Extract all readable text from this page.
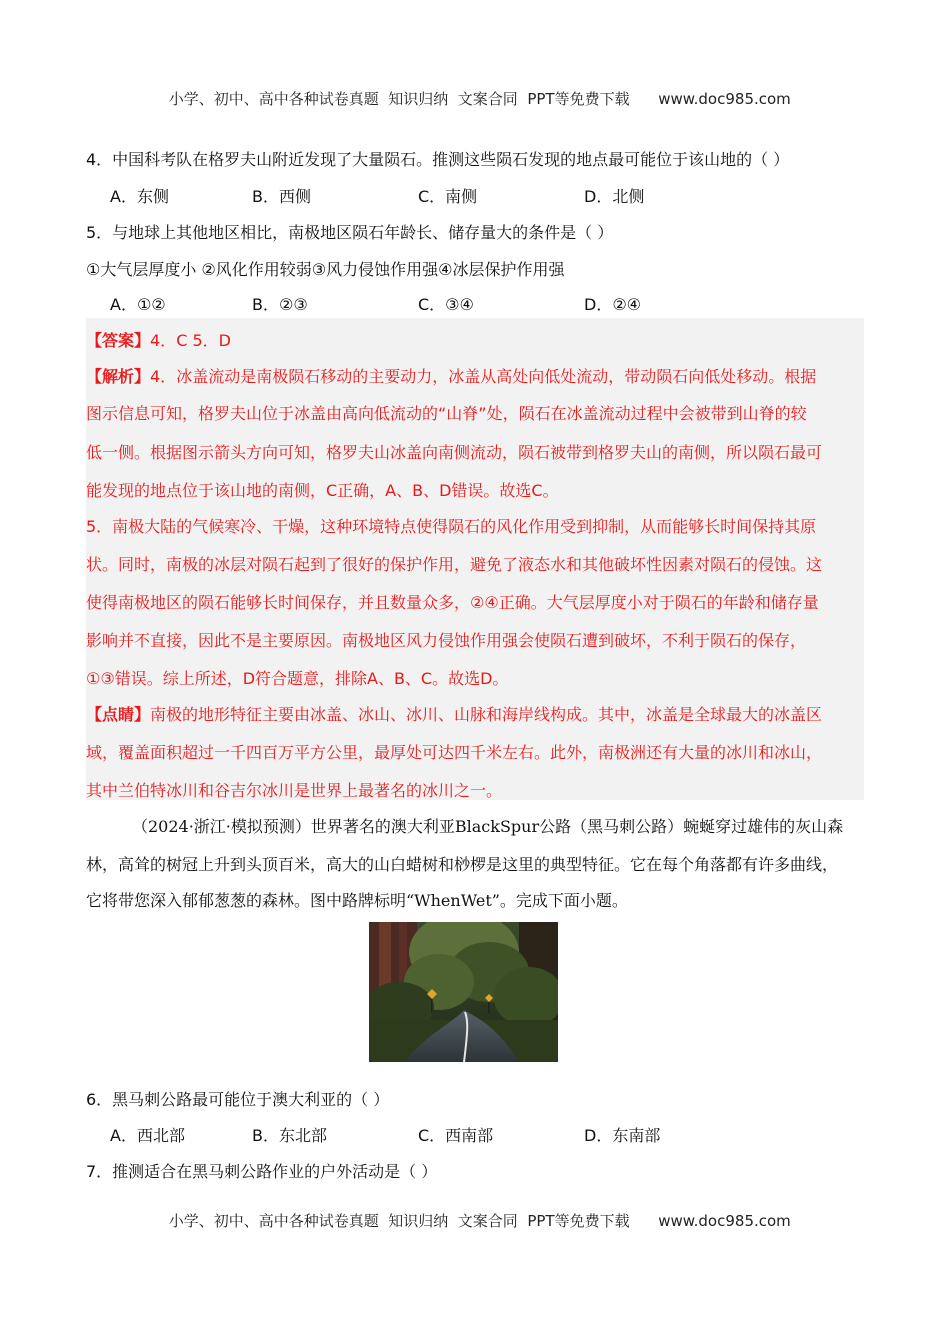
小学、初中、高中各种试卷真题  知识归纳  文案合同  PPT等免费下载 www.doc985.com

4．中国科考队在格罗夫山附近发现了大量陨石。推测这些陨石发现的地点最可能位于该山地的（ ）
A．东侧	B．西侧	C．南侧	D．北侧
5．与地球上其他地区相比，南极地区陨石年龄长、储存量大的条件是（ ）
①大气层厚度小 ②风化作用较弱③风力侵蚀作用强④冰层保护作用强
A．①②	B．②③	C．③④	D．②④
【答案】4．C 5．D
【解析】4．冰盖流动是南极陨石移动的主要动力，冰盖从高处向低处流动，带动陨石向低处移动。根据
图示信息可知，格罗夫山位于冰盖由高向低流动的“山脊”处，陨石在冰盖流动过程中会被带到山脊的较
低一侧。根据图示箭头方向可知，格罗夫山冰盖向南侧流动，陨石被带到格罗夫山的南侧，所以陨石最可
能发现的地点位于该山地的南侧，C正确，A、B、D错误。故选C。
5．南极大陆的气候寒冷、干燥，这种环境特点使得陨石的风化作用受到抑制，从而能够长时间保持其原
状。同时，南极的冰层对陨石起到了很好的保护作用，避免了液态水和其他破坏性因素对陨石的侵蚀。这
使得南极地区的陨石能够长时间保存，并且数量众多，②④正确。大气层厚度小对于陨石的年龄和储存量
影响并不直接，因此不是主要原因。南极地区风力侵蚀作用强会使陨石遭到破坏，不利于陨石的保存，
①③错误。综上所述，D符合题意，排除A、B、C。故选D。
【点睛】南极的地形特征主要由冰盖、冰山、冰川、山脉和海岸线构成。其中，冰盖是全球最大的冰盖区
域，覆盖面积超过一千四百万平方公里，最厚处可达四千米左右。此外，南极洲还有大量的冰川和冰山，
其中兰伯特冰川和谷吉尔冰川是世界上最著名的冰川之一。
（2024·浙江·模拟预测）世界著名的澳大利亚BlackSpur公路（黑马刺公路）蜿蜒穿过雄伟的灰山森
林，高耸的树冠上升到头顶百米，高大的山白蜡树和桫椤是这里的典型特征。它在每个角落都有许多曲线，
它将带您深入郁郁葱葱的森林。图中路牌标明“WhenWet”。完成下面小题。
6．黑马刺公路最可能位于澳大利亚的（ ）
A．西北部	B．东北部	C．西南部	D．东南部
7．推测适合在黑马刺公路作业的户外活动是（ ）

小学、初中、高中各种试卷真题  知识归纳  文案合同  PPT等免费下载 www.doc985.com
